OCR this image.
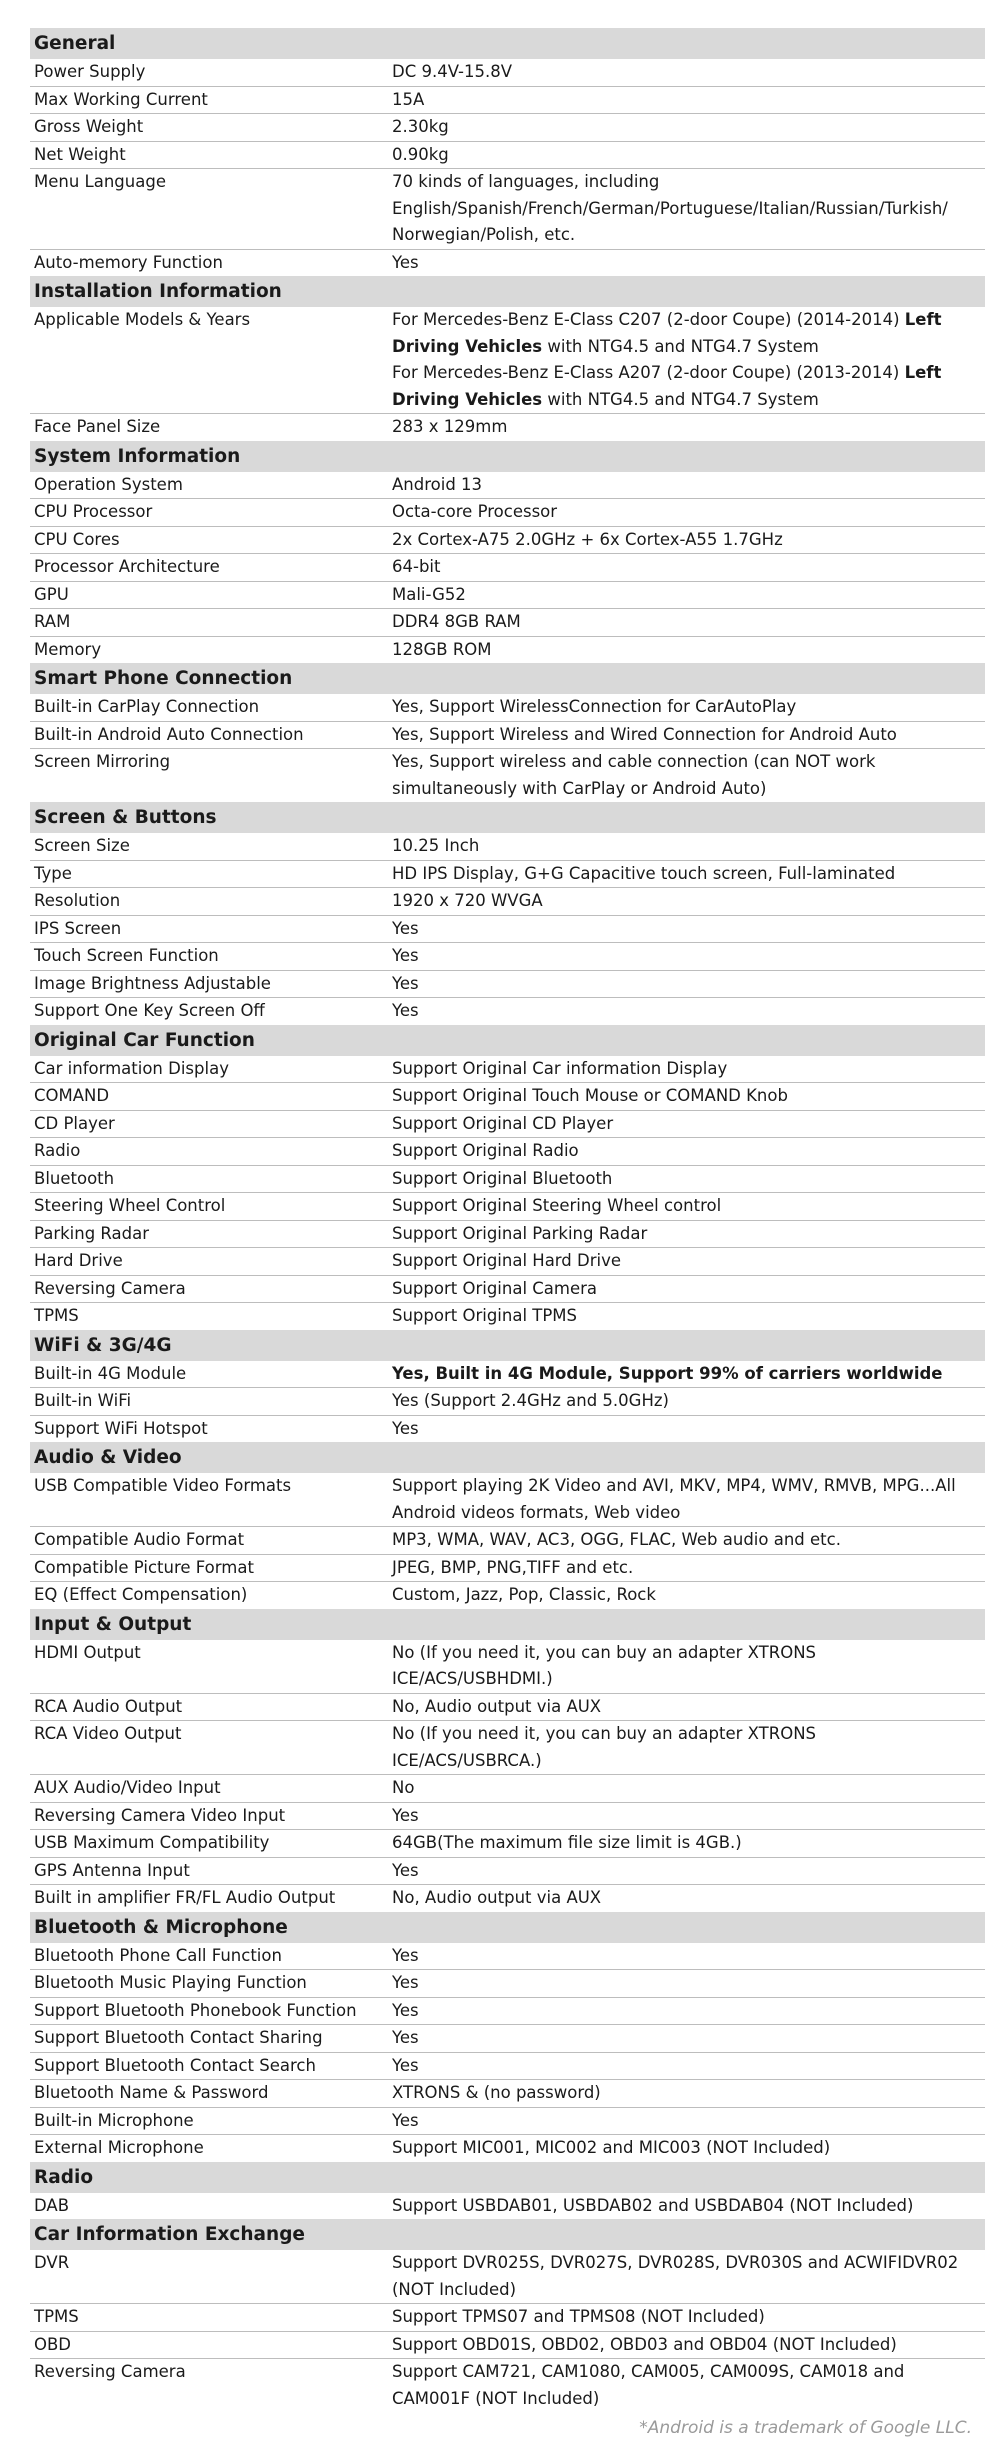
General
Power Supply	DC 9.4V-15.8V
Max Working Current	15A
Gross Weight	2.30kg
Net Weight	0.90kg
Menu Language	70 kinds of languages, including
English/Spanish/French/German/Portuguese/Italian/Russian/Turkish/
Norwegian/Polish, etc.
Auto-memory Function	Yes
Installation Information
Applicable Models & Years	For Mercedes-Benz E-Class C207 (2-door Coupe) (2014-2014) Left
Driving Vehicles with NTG4.5 and NTG4.7 System
For Mercedes-Benz E-Class A207 (2-door Coupe) (2013-2014) Left
Driving Vehicles with NTG4.5 and NTG4.7 System
Face Panel Size	283 x 129mm
System Information
Operation System	Android 13
CPU Processor	Octa-core Processor
CPU Cores	2x Cortex-A75 2.0GHz + 6x Cortex-A55 1.7GHz
Processor Architecture	64-bit
GPU	Mali-G52
RAM	DDR4 8GB RAM
Memory	128GB ROM
Smart Phone Connection
Built-in CarPlay Connection	Yes, Support WirelessConnection for CarAutoPlay
Built-in Android Auto Connection	Yes, Support Wireless and Wired Connection for Android Auto
Screen Mirroring	Yes, Support wireless and cable connection (can NOT work
simultaneously with CarPlay or Android Auto)
Screen & Buttons
Screen Size	10.25 Inch
Type	HD IPS Display, G+G Capacitive touch screen, Full-laminated
Resolution	1920 x 720 WVGA
IPS Screen	Yes
Touch Screen Function	Yes
Image Brightness Adjustable	Yes
Support One Key Screen Off	Yes
Original Car Function
Car information Display	Support Original Car information Display
COMAND	Support Original Touch Mouse or COMAND Knob
CD Player	Support Original CD Player
Radio	Support Original Radio
Bluetooth	Support Original Bluetooth
Steering Wheel Control	Support Original Steering Wheel control
Parking Radar	Support Original Parking Radar
Hard Drive	Support Original Hard Drive
Reversing Camera	Support Original Camera
TPMS	Support Original TPMS
WiFi & 3G/4G
Built-in 4G Module	Yes, Built in 4G Module, Support 99% of carriers worldwide
Built-in WiFi	Yes (Support 2.4GHz and 5.0GHz)
Support WiFi Hotspot	Yes
Audio & Video
USB Compatible Video Formats	Support playing 2K Video and AVI, MKV, MP4, WMV, RMVB, MPG...All
Android videos formats, Web video
Compatible Audio Format	MP3, WMA, WAV, AC3, OGG, FLAC, Web audio and etc.
Compatible Picture Format	JPEG, BMP, PNG,TIFF and etc.
EQ (Effect Compensation)	Custom, Jazz, Pop, Classic, Rock
Input & Output
HDMI Output	No (If you need it, you can buy an adapter XTRONS
ICE/ACS/USBHDMI.)
RCA Audio Output	No, Audio output via AUX
RCA Video Output	No (If you need it, you can buy an adapter XTRONS
ICE/ACS/USBRCA.)
AUX Audio/Video Input	No
Reversing Camera Video Input	Yes
USB Maximum Compatibility	64GB(The maximum file size limit is 4GB.)
GPS Antenna Input	Yes
Built in amplifier FR/FL Audio Output	No, Audio output via AUX
Bluetooth & Microphone
Bluetooth Phone Call Function	Yes
Bluetooth Music Playing Function	Yes
Support Bluetooth Phonebook Function	Yes
Support Bluetooth Contact Sharing	Yes
Support Bluetooth Contact Search	Yes
Bluetooth Name & Password	XTRONS & (no password)
Built-in Microphone	Yes
External Microphone	Support MIC001, MIC002 and MIC003 (NOT Included)
Radio
DAB	Support USBDAB01, USBDAB02 and USBDAB04 (NOT Included)
Car Information Exchange
DVR	Support DVR025S, DVR027S, DVR028S, DVR030S and ACWIFIDVR02
(NOT Included)
TPMS	Support TPMS07 and TPMS08 (NOT Included)
OBD	Support OBD01S, OBD02, OBD03 and OBD04 (NOT Included)
Reversing Camera	Support CAM721, CAM1080, CAM005, CAM009S, CAM018 and
CAM001F (NOT Included)
*Android is a trademark of Google LLC.
